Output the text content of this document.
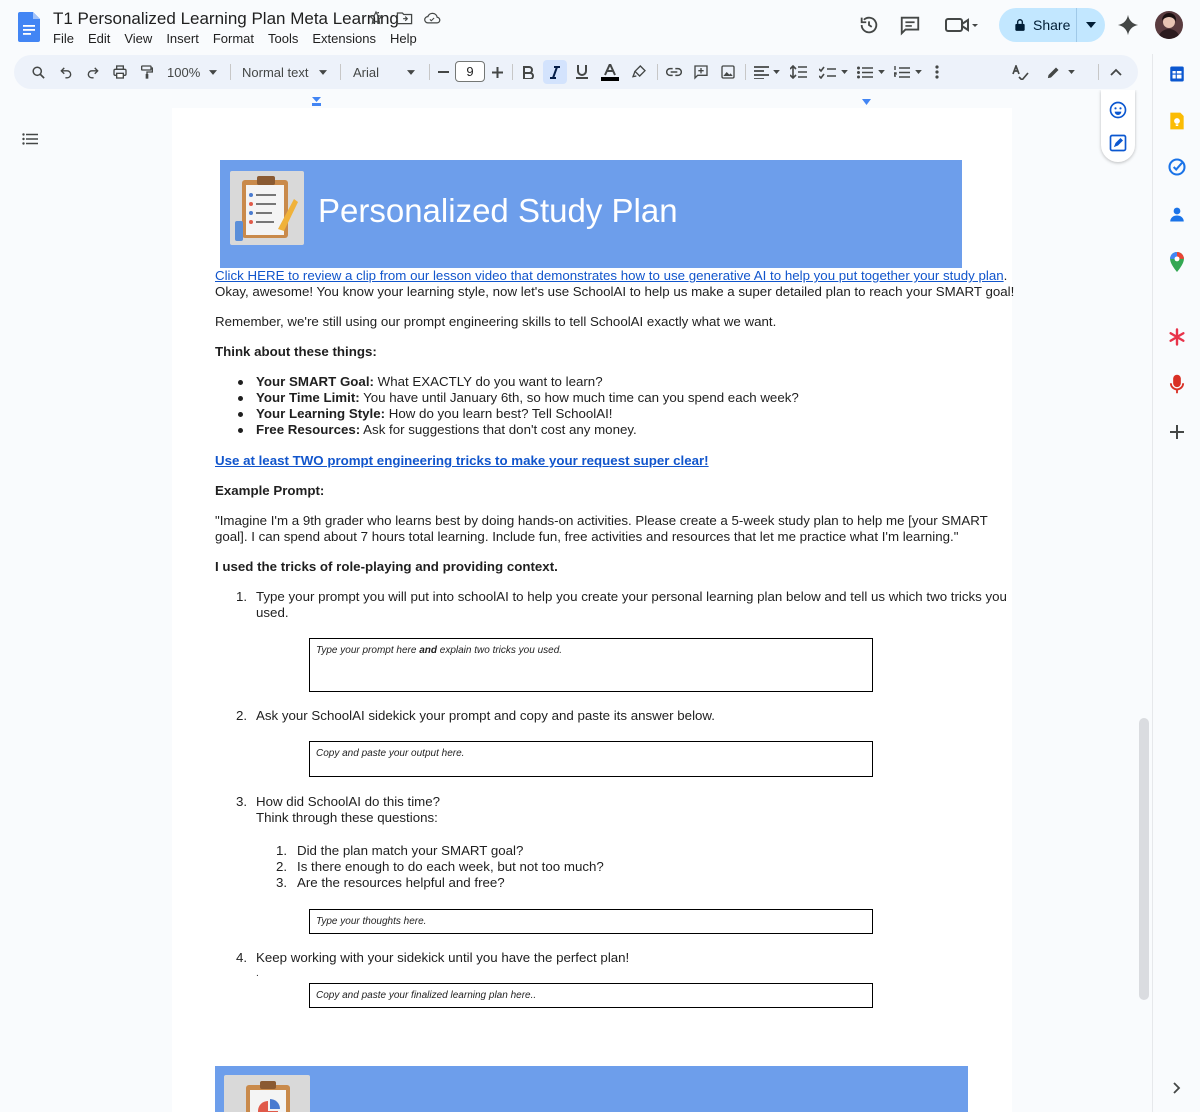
T1 Personalized Learning Plan Meta Learning
File	Edit	View	Insert	Format	Tools	Extensions	Help
Share
100%	Normal text	Arial	9
Personalized Study Plan
Click HERE to review a clip from our lesson video that demonstrates how to use generative AI to help you put together your study plan.
Okay, awesome! You know your learning style, now let's use SchoolAI to help us make a super detailed plan to reach your SMART goal!
Remember, we're still using our prompt engineering skills to tell SchoolAI exactly what we want.
Think about these things:
Your SMART Goal: What EXACTLY do you want to learn?
Your Time Limit: You have until January 6th, so how much time can you spend each week?
Your Learning Style: How do you learn best? Tell SchoolAI!
Free Resources: Ask for suggestions that don't cost any money.
Use at least TWO prompt engineering tricks to make your request super clear!
Example Prompt:
"Imagine I'm a 9th grader who learns best by doing hands-on activities. Please create a 5-week study plan to help me [your SMART
goal]. I can spend about 7 hours total learning. Include fun, free activities and resources that let me practice what I'm learning."
I used the tricks of role-playing and providing context.
1. Type your prompt you will put into schoolAI to help you create your personal learning plan below and tell us which two tricks you
used.
Type your prompt here and explain two tricks you used.
2. Ask your SchoolAI sidekick your prompt and copy and paste its answer below.
Copy and paste your output here.
3. How did SchoolAI do this time?
Think through these questions:
1. Did the plan match your SMART goal?
2. Is there enough to do each week, but not too much?
3. Are the resources helpful and free?
Type your thoughts here.
4. Keep working with your sidekick until you have the perfect plan!
.
Copy and paste your finalized learning plan here..
